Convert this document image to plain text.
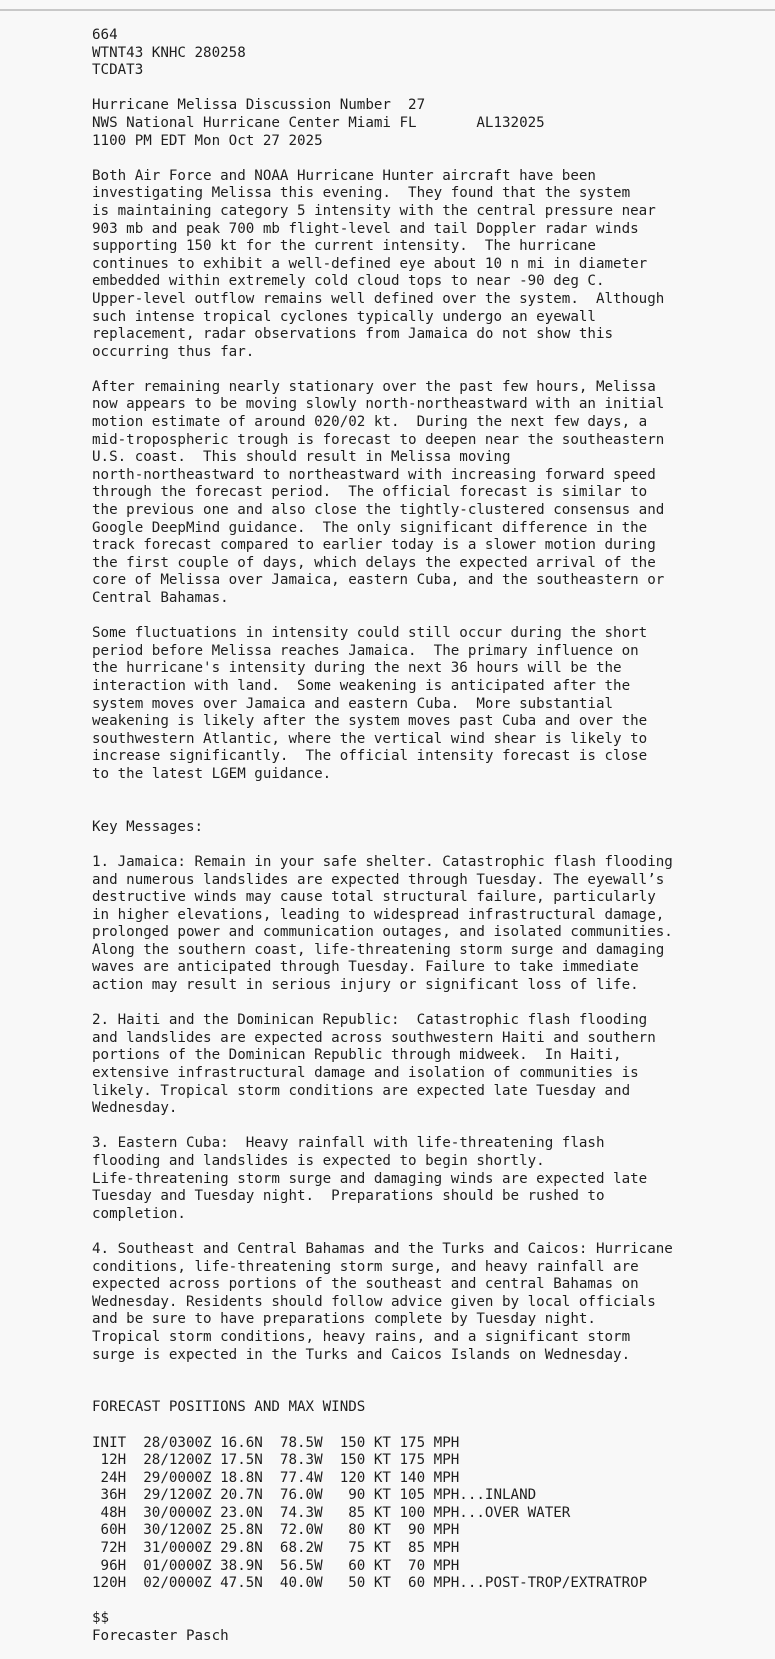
664
WTNT43 KNHC 280258
TCDAT3
Hurricane Melissa Discussion Number  27
NWS National Hurricane Center Miami FL       AL132025
1100 PM EDT Mon Oct 27 2025
Both Air Force and NOAA Hurricane Hunter aircraft have been
investigating Melissa this evening.  They found that the system
is maintaining category 5 intensity with the central pressure near
903 mb and peak 700 mb flight-level and tail Doppler radar winds
supporting 150 kt for the current intensity.  The hurricane
continues to exhibit a well-defined eye about 10 n mi in diameter
embedded within extremely cold cloud tops to near -90 deg C.
Upper-level outflow remains well defined over the system.  Although
such intense tropical cyclones typically undergo an eyewall
replacement, radar observations from Jamaica do not show this
occurring thus far.
After remaining nearly stationary over the past few hours, Melissa
now appears to be moving slowly north-northeastward with an initial
motion estimate of around 020/02 kt.  During the next few days, a
mid-tropospheric trough is forecast to deepen near the southeastern
U.S. coast.  This should result in Melissa moving
north-northeastward to northeastward with increasing forward speed
through the forecast period.  The official forecast is similar to
the previous one and also close the tightly-clustered consensus and
Google DeepMind guidance.  The only significant difference in the
track forecast compared to earlier today is a slower motion during
the first couple of days, which delays the expected arrival of the
core of Melissa over Jamaica, eastern Cuba, and the southeastern or
Central Bahamas.
Some fluctuations in intensity could still occur during the short
period before Melissa reaches Jamaica.  The primary influence on
the hurricane's intensity during the next 36 hours will be the
interaction with land.  Some weakening is anticipated after the
system moves over Jamaica and eastern Cuba.  More substantial
weakening is likely after the system moves past Cuba and over the
southwestern Atlantic, where the vertical wind shear is likely to
increase significantly.  The official intensity forecast is close
to the latest LGEM guidance.
Key Messages:
1. Jamaica: Remain in your safe shelter. Catastrophic flash flooding
and numerous landslides are expected through Tuesday. The eyewall’s
destructive winds may cause total structural failure, particularly
in higher elevations, leading to widespread infrastructural damage,
prolonged power and communication outages, and isolated communities.
Along the southern coast, life-threatening storm surge and damaging
waves are anticipated through Tuesday. Failure to take immediate
action may result in serious injury or significant loss of life.
2. Haiti and the Dominican Republic:  Catastrophic flash flooding
and landslides are expected across southwestern Haiti and southern
portions of the Dominican Republic through midweek.  In Haiti,
extensive infrastructural damage and isolation of communities is
likely. Tropical storm conditions are expected late Tuesday and
Wednesday.
3. Eastern Cuba:  Heavy rainfall with life-threatening flash
flooding and landslides is expected to begin shortly.
Life-threatening storm surge and damaging winds are expected late
Tuesday and Tuesday night.  Preparations should be rushed to
completion.
4. Southeast and Central Bahamas and the Turks and Caicos: Hurricane
conditions, life-threatening storm surge, and heavy rainfall are
expected across portions of the southeast and central Bahamas on
Wednesday. Residents should follow advice given by local officials
and be sure to have preparations complete by Tuesday night.
Tropical storm conditions, heavy rains, and a significant storm
surge is expected in the Turks and Caicos Islands on Wednesday.
FORECAST POSITIONS AND MAX WINDS
INIT  28/0300Z 16.6N  78.5W  150 KT 175 MPH
12H  28/1200Z 17.5N  78.3W  150 KT 175 MPH
24H  29/0000Z 18.8N  77.4W  120 KT 140 MPH
36H  29/1200Z 20.7N  76.0W   90 KT 105 MPH...INLAND
48H  30/0000Z 23.0N  74.3W   85 KT 100 MPH...OVER WATER
60H  30/1200Z 25.8N  72.0W   80 KT  90 MPH
72H  31/0000Z 29.8N  68.2W   75 KT  85 MPH
96H  01/0000Z 38.9N  56.5W   60 KT  70 MPH
120H  02/0000Z 47.5N  40.0W   50 KT  60 MPH...POST-TROP/EXTRATROP
$$
Forecaster Pasch
